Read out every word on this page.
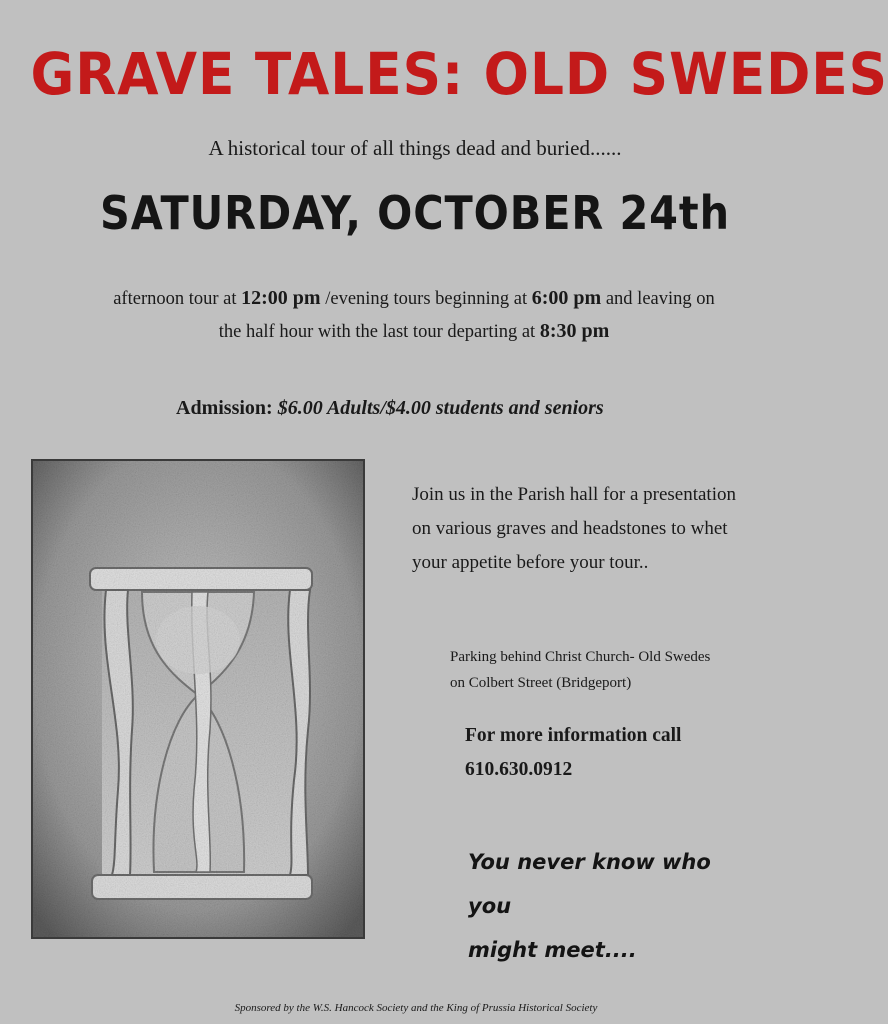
GRAVE TALES: OLD SWEDES
A historical tour of all things dead and buried......
SATURDAY, OCTOBER 24th
afternoon tour at 12:00 pm /evening tours beginning at 6:00 pm and leaving on the half hour with the last tour departing at 8:30 pm
Admission: $6.00 Adults/$4.00 students and seniors
Join us in the Parish hall for a presentation on various graves and headstones to whet your appetite before your tour..
Parking behind Christ Church- Old Swedes
on Colbert Street (Bridgeport)
For more information call
610.630.0912
You never know who you
might meet....
Sponsored by the W.S. Hancock Society and the King of Prussia Historical Society
